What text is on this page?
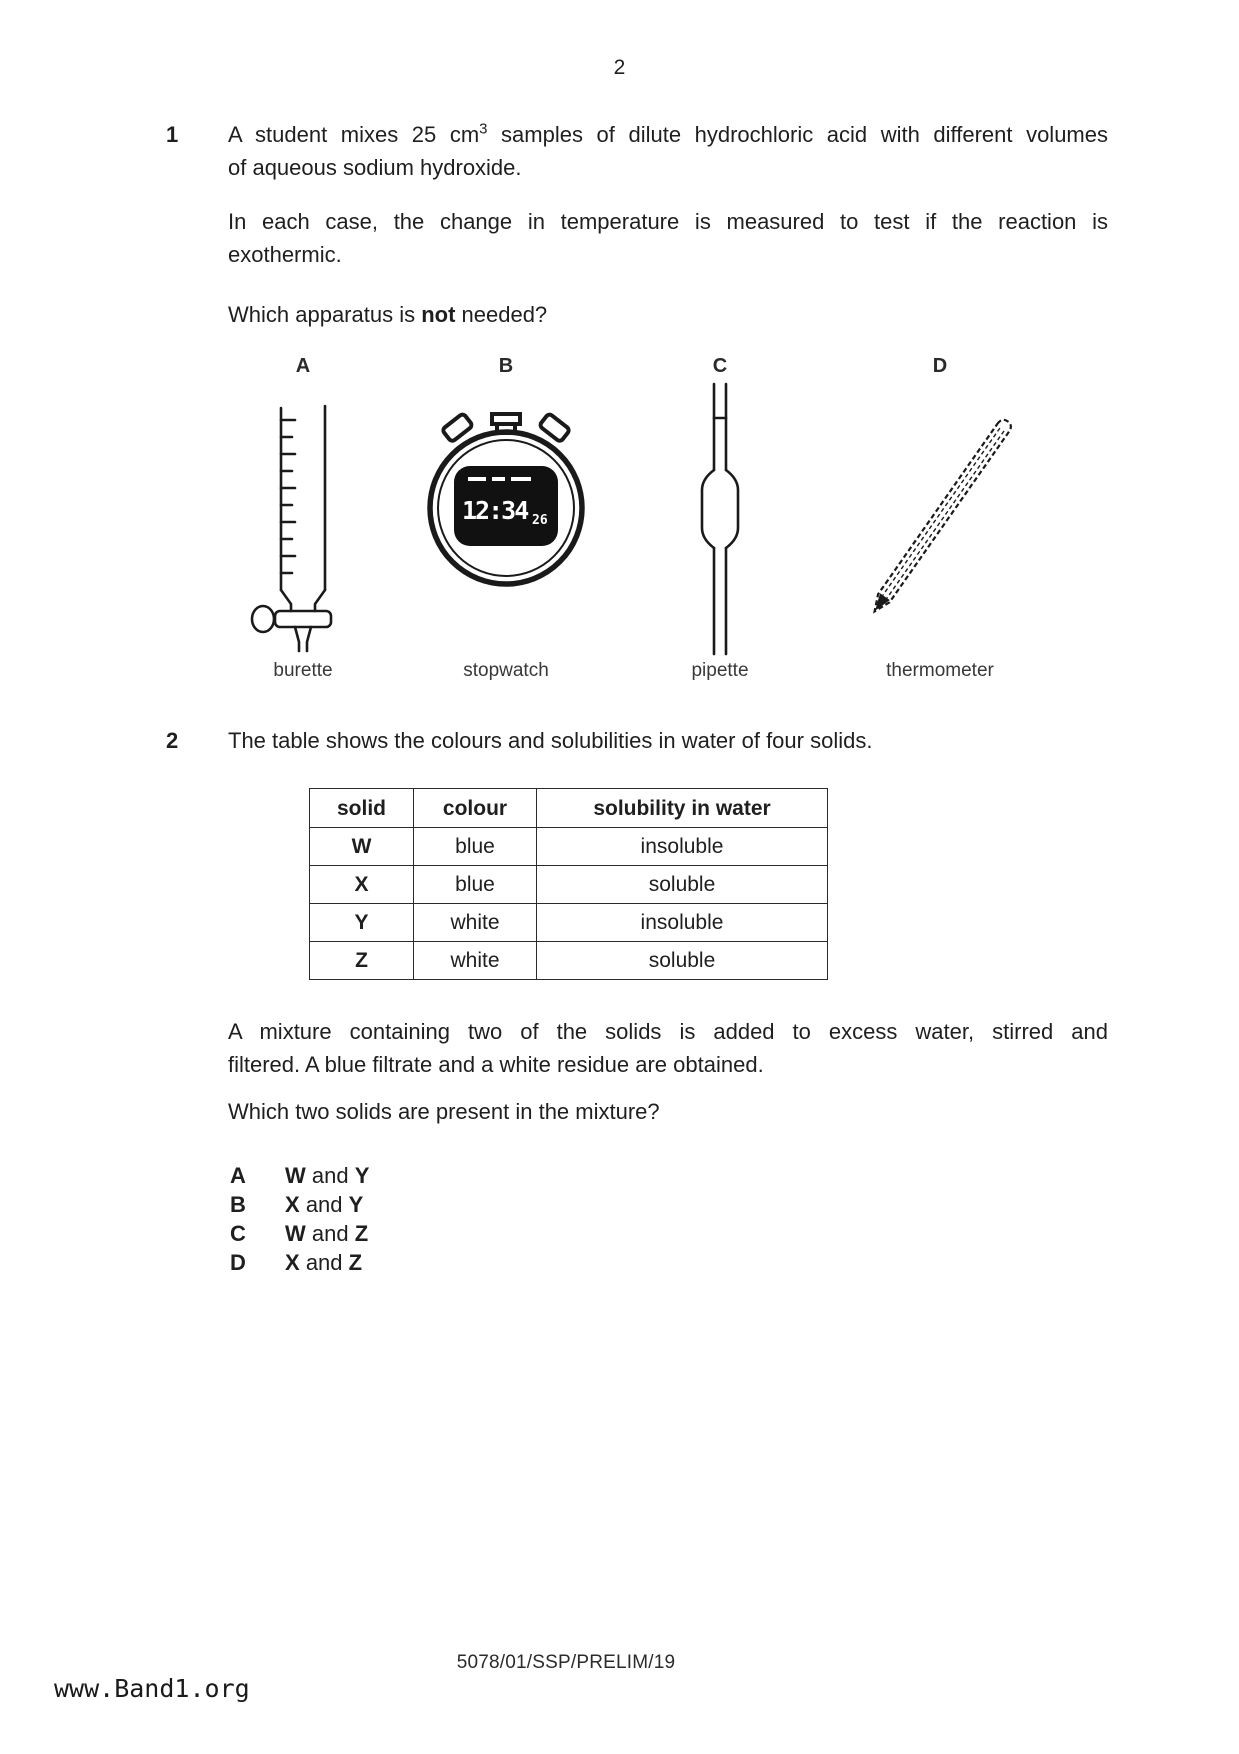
2
1	A student mixes 25 $cm^3$ samples of dilute hydrochloric acid with different volumes
of aqueous sodium hydroxide.
In each case, the change in temperature is measured to test if the reaction is
exothermic.
Which apparatus is not needed?
A
burette
B
12:34 26
stopwatch
C
pipette
D
thermometer
2	The table shows the colours and solubilities in water of four solids.
solid	colour	solubility in water
W	blue	insoluble
X	blue	soluble
Y	white	insoluble
Z	white	soluble
A mixture containing two of the solids is added to excess water, stirred and
filtered. A blue filtrate and a white residue are obtained.
Which two solids are present in the mixture?
A	W and Y
B	X and Y
C	W and Z
D	X and Z
5078/01/SSP/PRELIM/19
www.Band1.org
